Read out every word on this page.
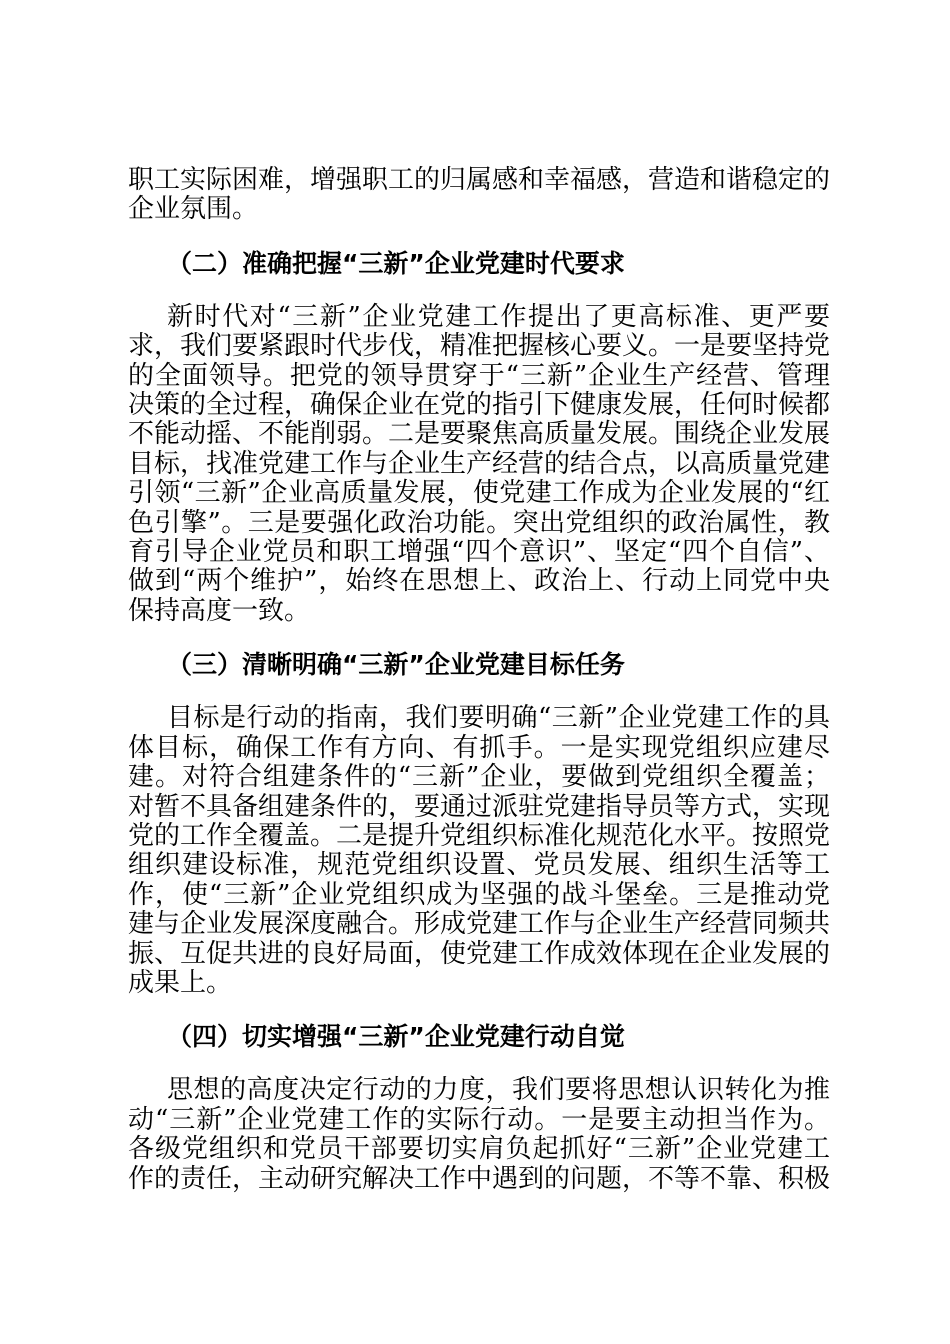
职工实际困难，增强职工的归属感和幸福感，营造和谐稳定的企业氛围。

（二）准确把握“三新”企业党建时代要求

新时代对“三新”企业党建工作提出了更高标准、更严要求，我们要紧跟时代步伐，精准把握核心要义。一是要坚持党的全面领导。把党的领导贯穿于“三新”企业生产经营、管理决策的全过程，确保企业在党的指引下健康发展，任何时候都不能动摇、不能削弱。二是要聚焦高质量发展。围绕企业发展目标，找准党建工作与企业生产经营的结合点，以高质量党建引领“三新”企业高质量发展，使党建工作成为企业发展的“红色引擎”。三是要强化政治功能。突出党组织的政治属性，教育引导企业党员和职工增强“四个意识”、坚定“四个自信”、做到“两个维护”，始终在思想上、政治上、行动上同党中央保持高度一致。

（三）清晰明确“三新”企业党建目标任务

目标是行动的指南，我们要明确“三新”企业党建工作的具体目标，确保工作有方向、有抓手。一是实现党组织应建尽建。对符合组建条件的“三新”企业，要做到党组织全覆盖；对暂不具备组建条件的，要通过派驻党建指导员等方式，实现党的工作全覆盖。二是提升党组织标准化规范化水平。按照党组织建设标准，规范党组织设置、党员发展、组织生活等工作，使“三新”企业党组织成为坚强的战斗堡垒。三是推动党建与企业发展深度融合。形成党建工作与企业生产经营同频共振、互促共进的良好局面，使党建工作成效体现在企业发展的成果上。

（四）切实增强“三新”企业党建行动自觉

思想的高度决定行动的力度，我们要将思想认识转化为推动“三新”企业党建工作的实际行动。一是要主动担当作为。各级党组织和党员干部要切实肩负起抓好“三新”企业党建工作的责任，主动研究解决工作中遇到的问题，不等不靠、积极
